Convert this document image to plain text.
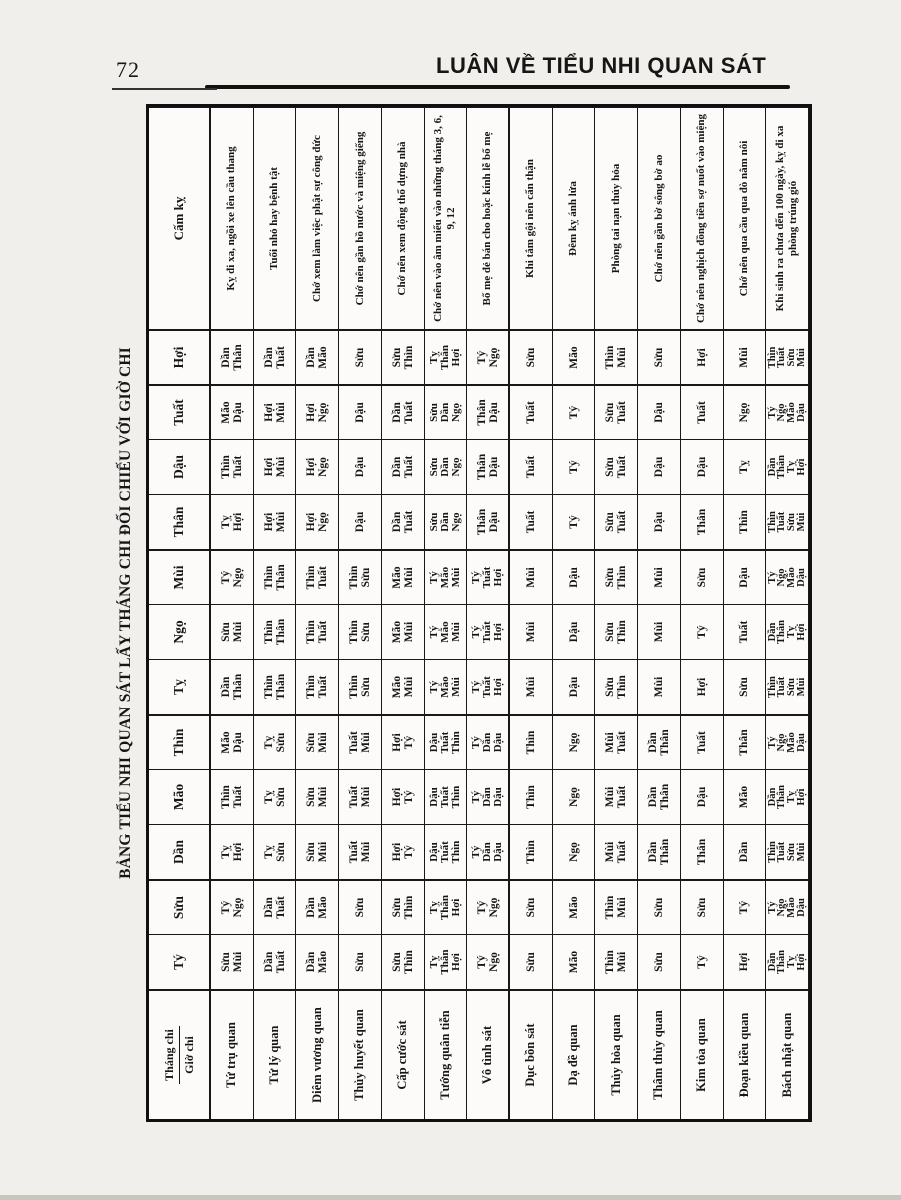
72	LUÂN VỀ TIỂU NHI QUAN SÁT
BẢNG TIỂU NHI QUAN SÁT LẤY THÁNG CHI ĐỐI CHIẾU VỚI GIỜ CHI
Tháng chi Giờ chi
Tý
Sửu
Dần
Mão
Thìn
Tỵ
Ngọ
Mùi
Thân
Dậu
Tuất
Hợi
Cấm kỵ
Tứ trụ quan
Sửu Mùi
Tý Ngọ
Tỵ Hợi
Thìn Tuất
Mão Dậu
Dần Thân
Sửu Mùi
Tý Ngọ
Tỵ Hợi
Thìn Tuất
Mão Dậu
Dần Thân
Kỵ đi xa, ngồi xe lên cầu thang
Tứ lý quan
Dần Tuất
Dần Tuất
Tỵ Sửu
Tỵ Sửu
Tỵ Sửu
Thìn Thân
Thìn Thân
Thìn Thân
Hợi Mùi
Hợi Mùi
Hợi Mùi
Dần Tuất
Tuổi nhỏ hay bệnh tật
Diêm vương quan
Dần Mão
Dần Mão
Sửu Mùi
Sửu Mùi
Sửu Mùi
Thìn Tuất
Thìn Tuất
Thìn Tuất
Hợi Ngọ
Hợi Ngọ
Hợi Ngọ
Dần Mão
Chớ xem làm việc phật sự công đức
Thủy huyết quan
Sửu
Sửu
Tuất Mùi
Tuất Mùi
Tuất Mùi
Thìn Sửu
Thìn Sửu
Thìn Sửu
Dậu
Dậu
Dậu
Sửu
Chớ nên gần hồ nước và miệng giếng
Cấp cước sát
Sửu Thìn
Sửu Thìn
Hợi Tý
Hợi Tý
Hợi Tý
Mão Mùi
Mão Mùi
Mão Mùi
Dần Tuất
Dần Tuất
Dần Tuất
Sửu Thìn
Chớ nên xem động thổ dựng nhà
Tướng quân tiễn
Tỵ
Thân
Hợi
Tỵ
Thân
Hợi
Dậu
Tuất
Thìn
Dậu
Tuất
Thìn
Dậu
Tuất
Thìn
Tý
Mão
Mùi
Tý
Mão
Mùi
Tý
Mão
Mùi
Sửu
Dần
Ngọ
Sửu
Dần
Ngọ
Sửu
Dần
Ngọ
Tỵ
Thân
Hợi
Chớ nên vào âm miếu vào những tháng 3, 6, 9, 12
Vô tình sát
Tý Ngọ
Tý Ngọ
Tý
Dần
Dậu
Tý
Dần
Dậu
Tý
Dần
Dậu
Tý
Tuất
Hợi
Tý
Tuất
Hợi
Tý
Tuất
Hợi
Thân Dậu
Thân Dậu
Thân Dậu
Tý Ngọ
Bố mẹ đẻ bán cho hoặc kính lễ bố mẹ
Dục bồn sát
Sửu
Sửu
Thìn
Thìn
Thìn
Mùi
Mùi
Mùi
Tuất
Tuất
Tuất
Sửu
Khi tắm gội nên cẩn thận
Dạ đề quan
Mão
Mão
Ngọ
Ngọ
Ngọ
Dậu
Dậu
Dậu
Tý
Tý
Tý
Mão
Đêm kỵ ánh lửa
Thủy hỏa quan
Thìn Mùi
Thìn Mùi
Mùi Tuất
Mùi Tuất
Mùi Tuất
Sửu Thìn
Sửu Thìn
Sửu Thìn
Sửu Tuất
Sửu Tuất
Sửu Tuất
Thìn Mùi
Phòng tai nạn thủy hỏa
Thâm thủy quan
Sửu
Sửu
Dần Thân
Dần Thân
Dần Thân
Mùi
Mùi
Mùi
Dậu
Dậu
Dậu
Sửu
Chớ nên gần bờ sông bờ ao
Kim tỏa quan
Tý
Sửu
Thân
Dậu
Tuất
Hợi
Tý
Sửu
Thân
Dậu
Tuất
Hợi
Chớ nên nghịch đồng tiền sợ nuốt vào miệng
Đoạn kiều quan
Hợi
Tý
Dần
Mão
Thân
Sửu
Tuất
Dậu
Thìn
Tỵ
Ngọ
Mùi
Chớ nên qua cầu qua đò nằm nôi
Bách nhật quan
Dần
Thân
Tỵ
Hợi
Tý
Ngọ
Mão
Dậu
Thìn
Tuất
Sửu
Mùi
Dần
Thân
Tỵ
Hợi
Tý
Ngọ
Mão
Dậu
Thìn
Tuất
Sửu
Mùi
Dần
Thân
Tỵ
Hợi
Tý
Ngọ
Mão
Dậu
Thìn
Tuất
Sửu
Mùi
Dần
Thân
Tỵ
Hợi
Tý
Ngọ
Mão
Dậu
Thìn
Tuất
Sửu
Mùi
Khi sinh ra chưa đến 100 ngày, kỵ đi xa phòng trúng gió
